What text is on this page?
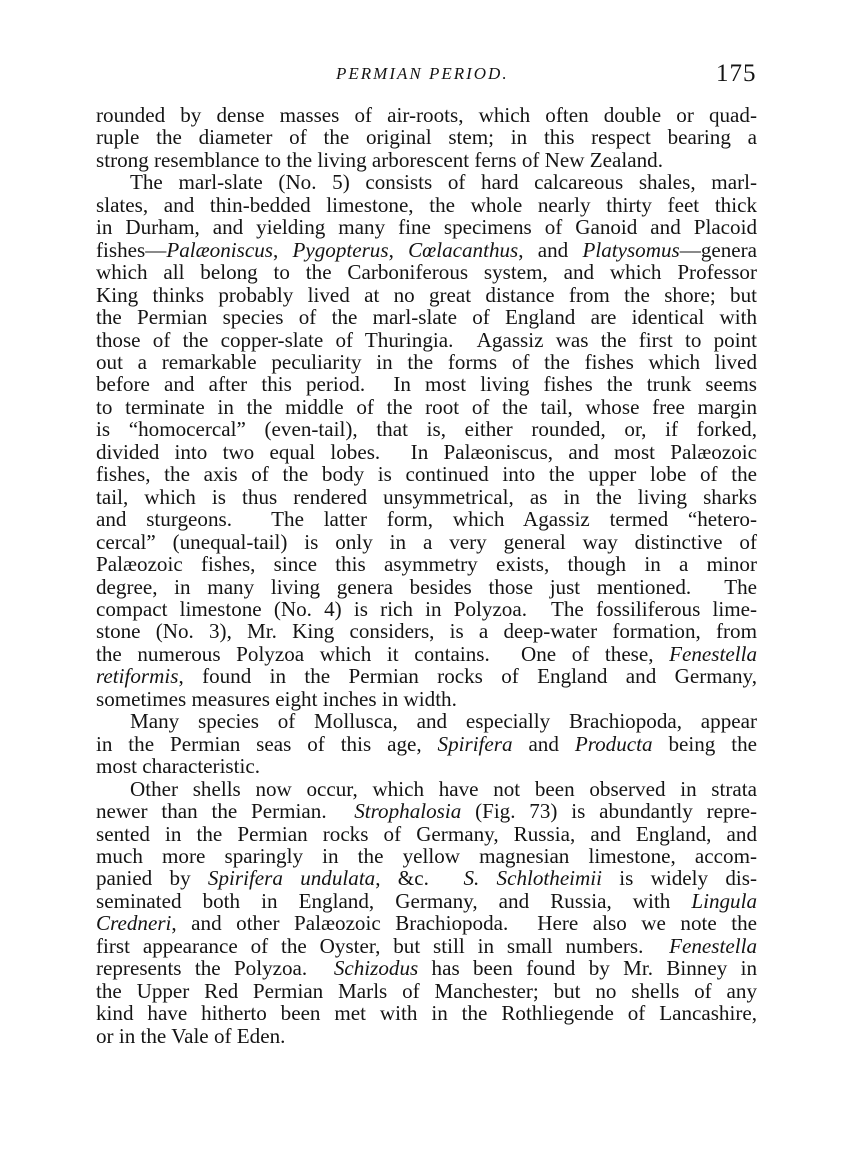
PERMIAN PERIOD.	175
rounded by dense masses of air-roots, which often double or quad-
ruple the diameter of the original stem; in this respect bearing a
strong resemblance to the living arborescent ferns of New Zealand.
The marl-slate (No. 5) consists of hard calcareous shales, marl-
slates, and thin-bedded limestone, the whole nearly thirty feet thick
in Durham, and yielding many fine specimens of Ganoid and Placoid
fishes—Palæoniscus, Pygopterus, Cœlacanthus, and Platysomus—genera
which all belong to the Carboniferous system, and which Professor
King thinks probably lived at no great distance from the shore; but
the Permian species of the marl-slate of England are identical with
those of the copper-slate of Thuringia.  Agassiz was the first to point
out a remarkable peculiarity in the forms of the fishes which lived
before and after this period.  In most living fishes the trunk seems
to terminate in the middle of the root of the tail, whose free margin
is “homocercal” (even-tail), that is, either rounded, or, if forked,
divided into two equal lobes.  In Palæoniscus, and most Palæozoic
fishes, the axis of the body is continued into the upper lobe of the
tail, which is thus rendered unsymmetrical, as in the living sharks
and sturgeons.  The latter form, which Agassiz termed “hetero-
cercal” (unequal-tail) is only in a very general way distinctive of
Palæozoic fishes, since this asymmetry exists, though in a minor
degree, in many living genera besides those just mentioned.  The
compact limestone (No. 4) is rich in Polyzoa.  The fossiliferous lime-
stone (No. 3), Mr. King considers, is a deep-water formation, from
the numerous Polyzoa which it contains.  One of these, Fenestella
retiformis, found in the Permian rocks of England and Germany,
sometimes measures eight inches in width.
Many species of Mollusca, and especially Brachiopoda, appear
in the Permian seas of this age, Spirifera and Producta being the
most characteristic.
Other shells now occur, which have not been observed in strata
newer than the Permian.  Strophalosia (Fig. 73) is abundantly repre-
sented in the Permian rocks of Germany, Russia, and England, and
much more sparingly in the yellow magnesian limestone, accom-
panied by Spirifera undulata, &c.  S. Schlotheimii is widely dis-
seminated both in England, Germany, and Russia, with Lingula
Credneri, and other Palæozoic Brachiopoda.  Here also we note the
first appearance of the Oyster, but still in small numbers.  Fenestella
represents the Polyzoa.  Schizodus has been found by Mr. Binney in
the Upper Red Permian Marls of Manchester; but no shells of any
kind have hitherto been met with in the Rothliegende of Lancashire,
or in the Vale of Eden.
